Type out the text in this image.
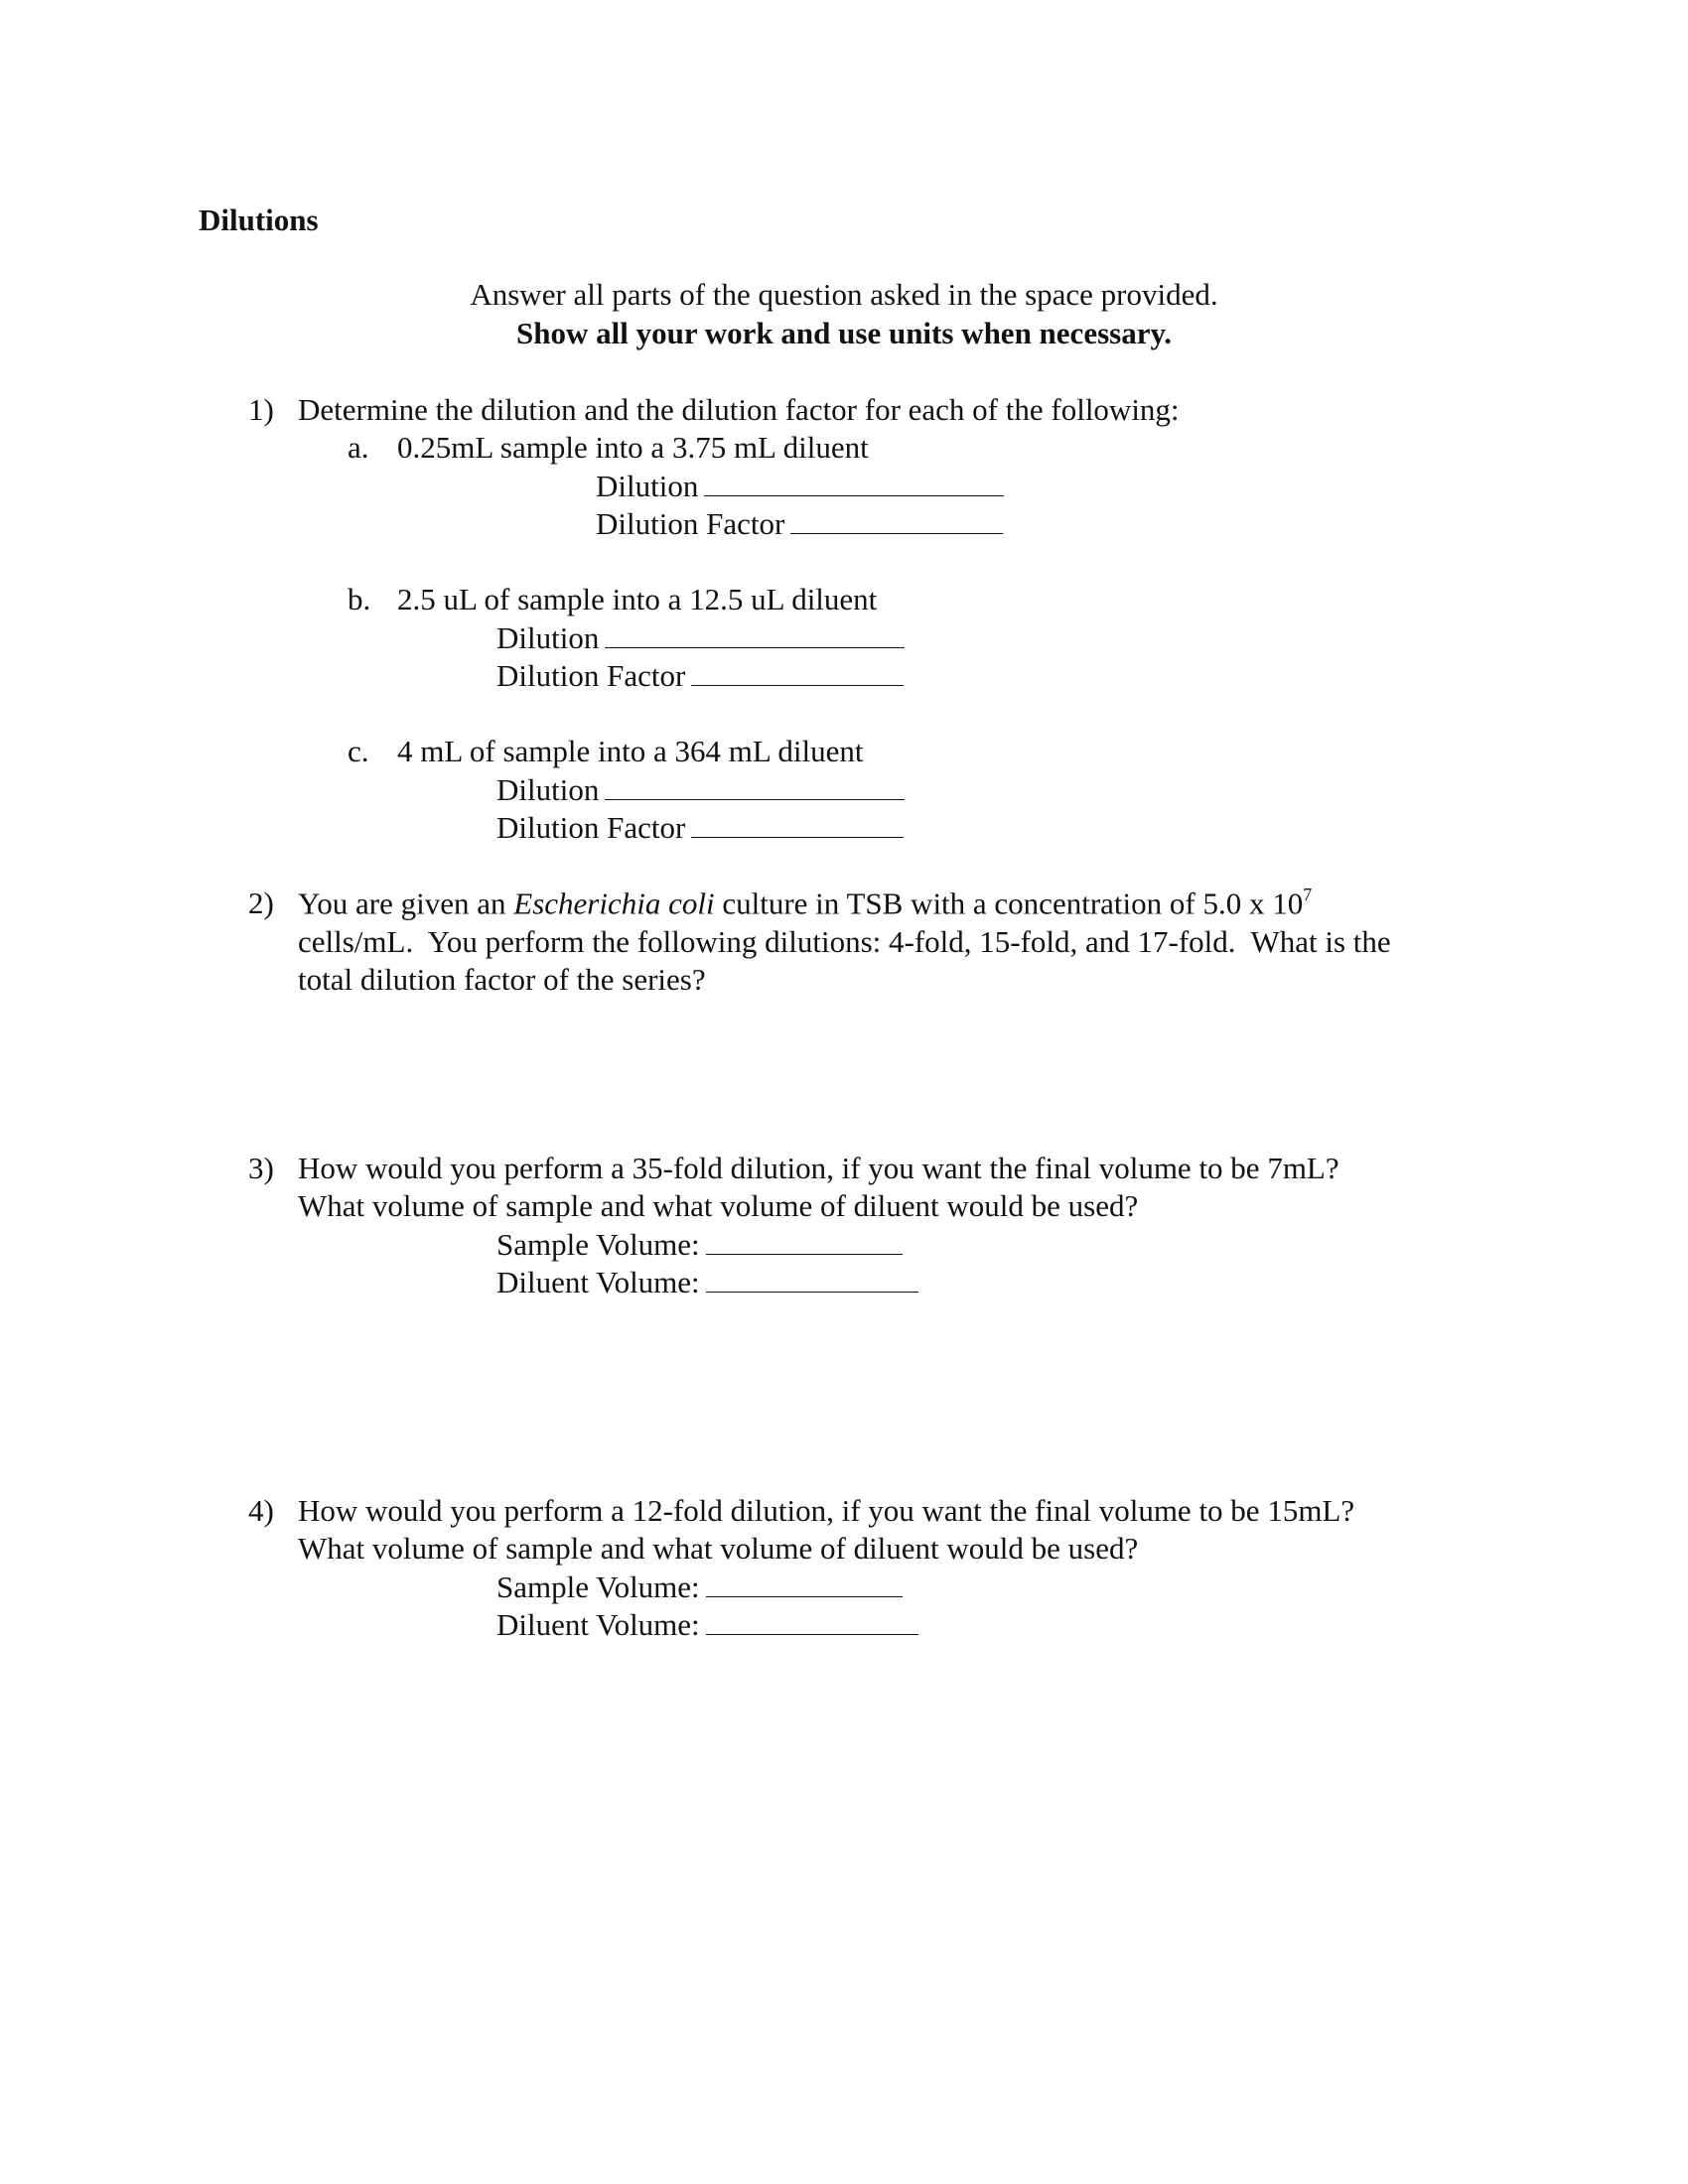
Dilutions
Answer all parts of the question asked in the space provided.
Show all your work and use units when necessary.
1) Determine the dilution and the dilution factor for each of the following:
a. 0.25mL sample into a 3.75 mL diluent
Dilution
Dilution Factor
b. 2.5 uL of sample into a 12.5 uL diluent
Dilution
Dilution Factor
c. 4 mL of sample into a 364 mL diluent
Dilution
Dilution Factor
2) You are given an Escherichia coli culture in TSB with a concentration of 5.0 x $10^7$
cells/mL.  You perform the following dilutions: 4-fold, 15-fold, and 17-fold.  What is the
total dilution factor of the series?
3) How would you perform a 35-fold dilution, if you want the final volume to be 7mL?
What volume of sample and what volume of diluent would be used?
Sample Volume:
Diluent Volume:
4) How would you perform a 12-fold dilution, if you want the final volume to be 15mL?
What volume of sample and what volume of diluent would be used?
Sample Volume:
Diluent Volume:
